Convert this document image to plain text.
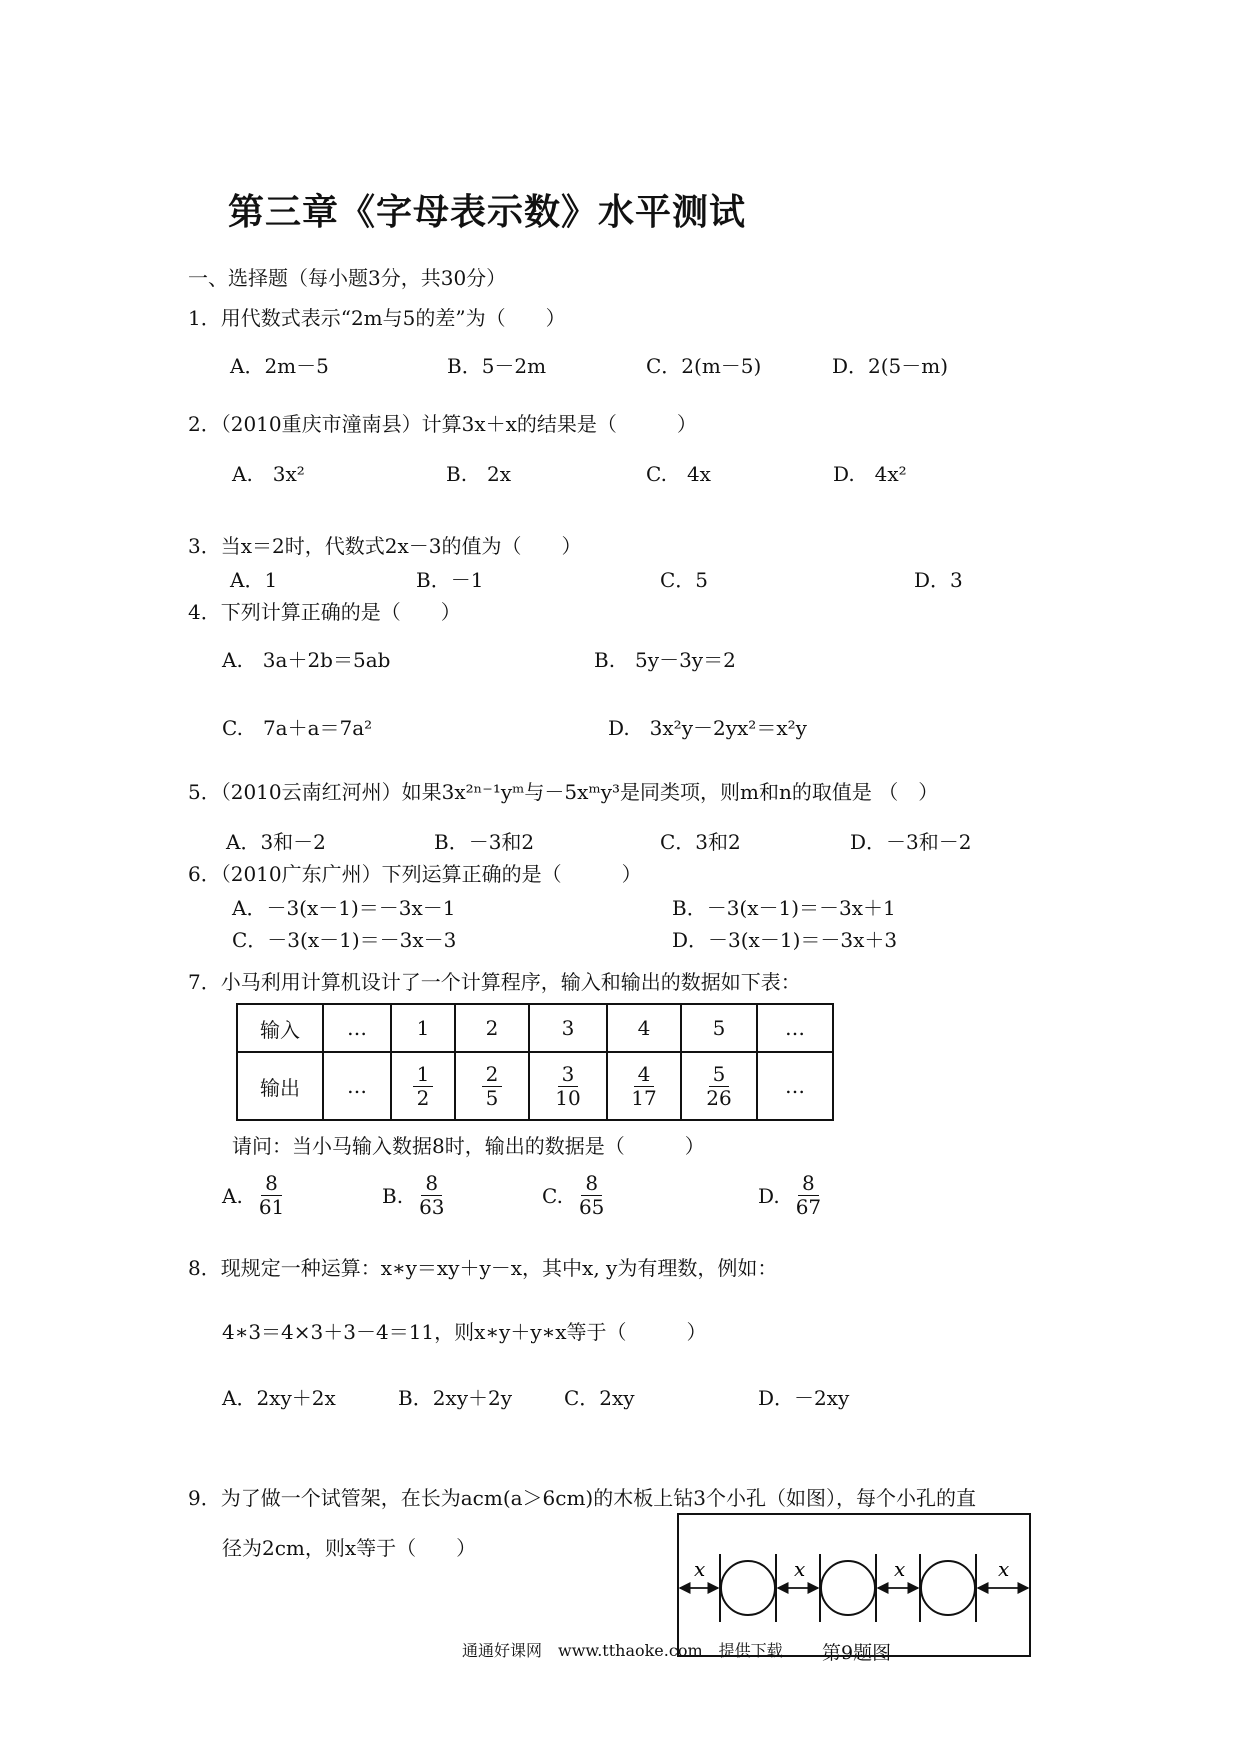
第三章《字母表示数》水平测试
一、选择题（每小题3分，共30分）
1．用代数式表示“2m与5的差”为（　　）
A．2m－5	B．5－2m	C．2(m－5)	D．2(5－m)
2．（2010重庆市潼南县）计算3x＋x的结果是（　　　）
A.　3x²	B.　2x	C.　4x	D.　4x²
3．当x＝2时，代数式2x－3的值为（　　）
A．1	B．－1	C．5	D．3
4．下列计算正确的是（　　）
A.　3a＋2b＝5ab	B.　5y－3y＝2
C.　7a＋a＝7a²	D.　3x²y－2yx²＝x²y
5．（2010云南红河州）如果3x²ⁿ⁻¹yᵐ与－5xᵐy³是同类项，则m和n的取值是 （　）
A．3和－2	B．－3和2	C．3和2	D．－3和－2
6．（2010广东广州）下列运算正确的是（　　　）
A．－3(x－1)＝－3x－1	B．－3(x－1)＝－3x＋1
C．－3(x－1)＝－3x－3	D．－3(x－1)＝－3x＋3
7．小马利用计算机设计了一个计算程序，输入和输出的数据如下表：
输入	…	1	2	3	4	5	…
输出	…	$\frac{1}{2}$	$\frac{2}{5}$	$\frac{3}{10}$	$\frac{4}{17}$	$\frac{5}{26}$	…
请问：当小马输入数据8时，输出的数据是（　　　）
A. $\frac{8}{61}$	B. $\frac{8}{63}$	C. $\frac{8}{65}$	D. $\frac{8}{67}$
8．现规定一种运算：x∗y＝xy＋y－x，其中x, y为有理数，例如：
4∗3＝4×3＋3－4＝11，则x∗y＋y∗x等于（　　　）
A．2xy＋2x	B．2xy＋2y	C．2xy	D．－2xy
9．为了做一个试管架，在长为acm(a＞6cm)的木板上钻3个小孔（如图），每个小孔的直
径为2cm，则x等于（　　）
x	x	x	x
通通好课网　www.tthaoke.com　提供下载 第9题图
